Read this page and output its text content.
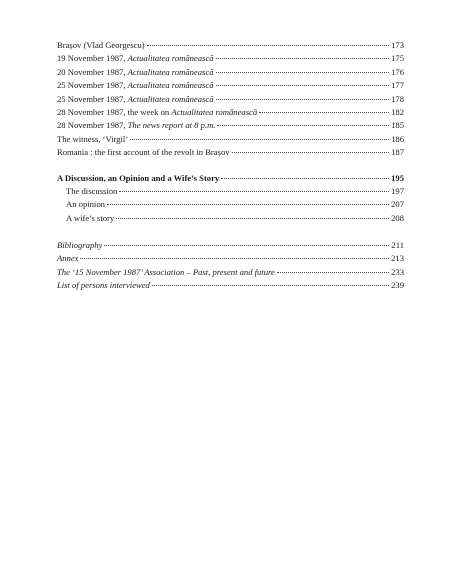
Brașov (Vlad Georgescu)	173
19 November 1987, Actualitatea românească	175
20 November 1987, Actualitatea românească	176
25 November 1987, Actualitatea românească	177
25 November 1987, Actualitatea românească	178
28 November 1987, the week on Actualitatea românească	182
28 November 1987, The news report at 8 p.m.	185
The witness, ‘Virgil’	186
Romania : the first account of the revolt in Brașov	187
A Discussion, an Opinion and a Wife’s Story	195
The discussion	197
An opinion	207
A wife’s story	208
Bibliography	211
Annex	213
The ‘15 November 1987’ Association – Past, present and future	233
List of persons interviewed	239
